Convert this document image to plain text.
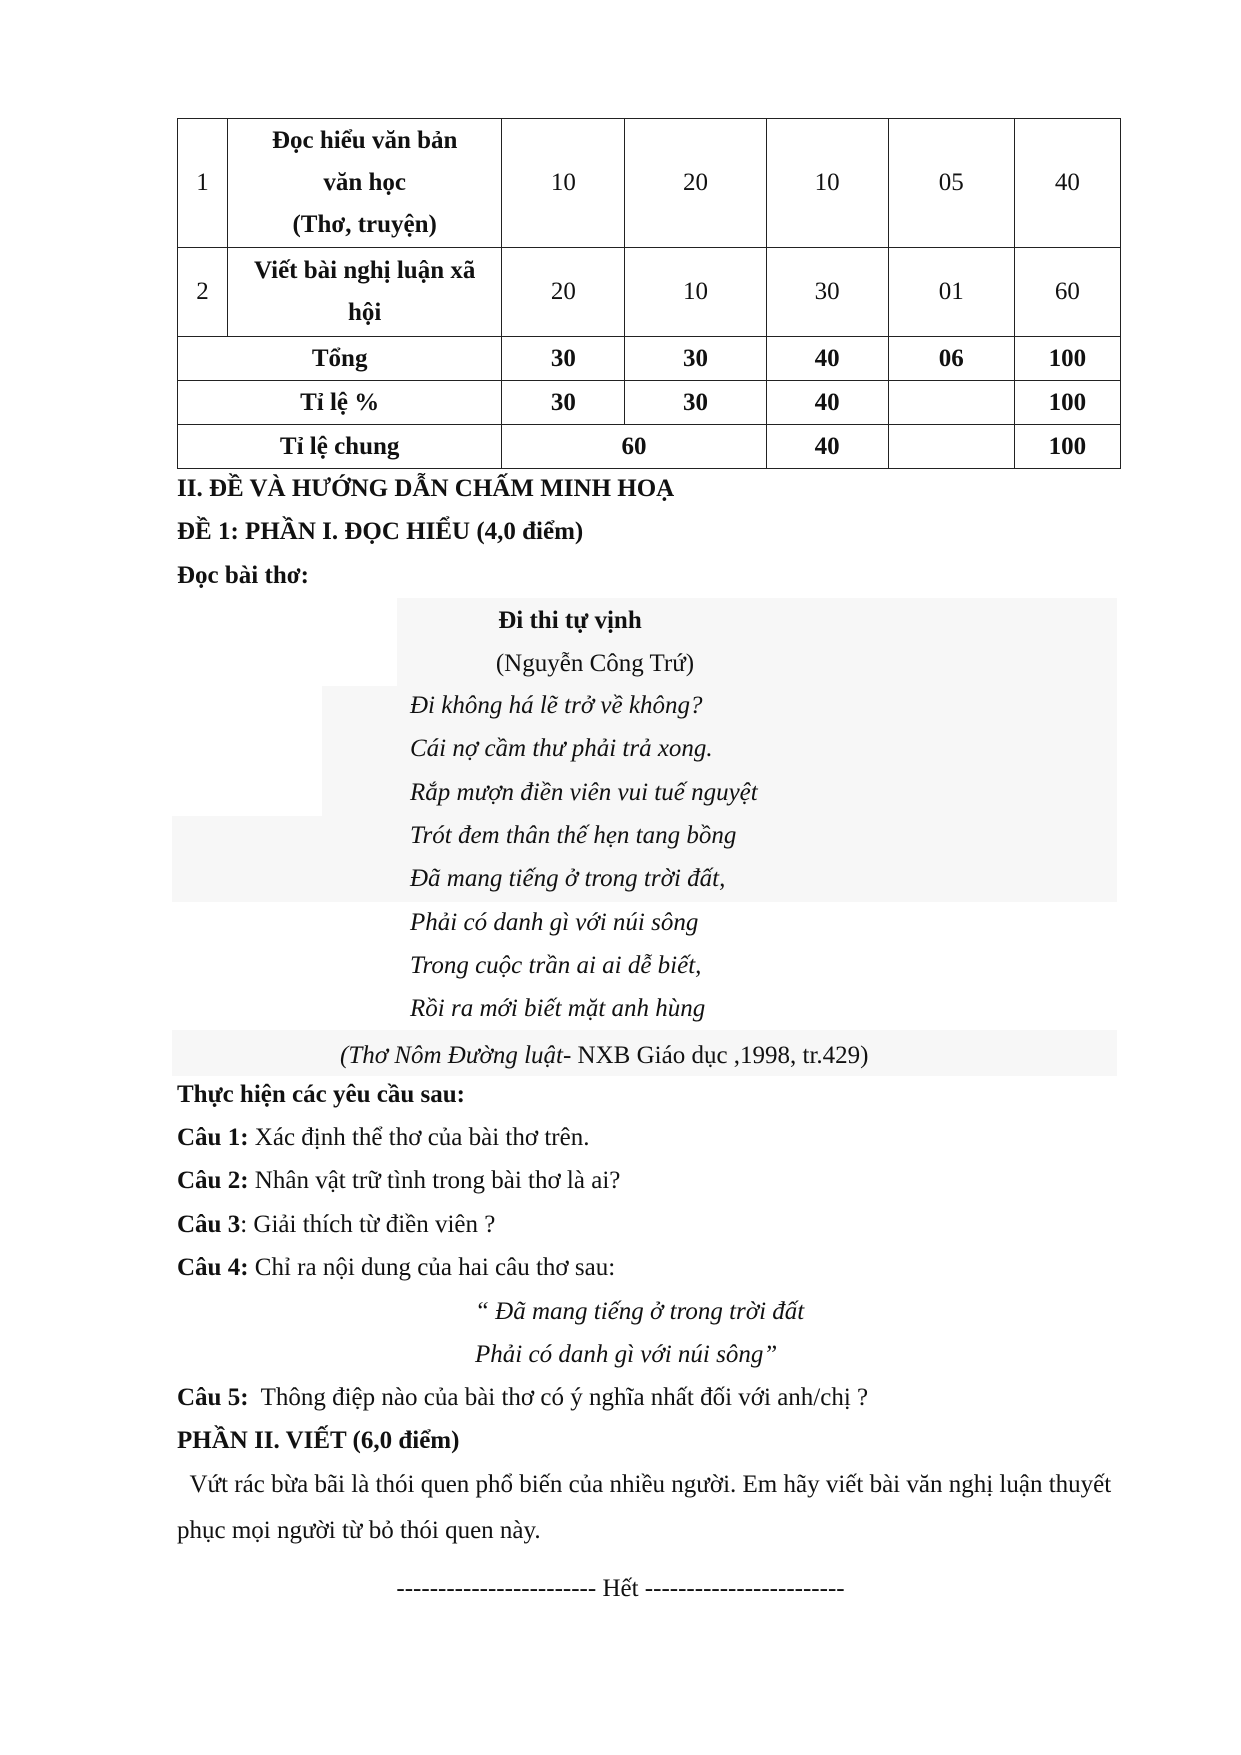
1	Đọc hiểu văn bản
văn học
(Thơ, truyện)	10	20	10	05	40
2	Viết bài nghị luận xã
hội	20	10	30	01	60
Tổng		30	30	40	06	100
Tỉ lệ %		30	30	40		100
Tỉ lệ chung		60		40		100
II. ĐỀ VÀ HƯỚNG DẪN CHẤM MINH HOẠ
ĐỀ 1: PHẦN I. ĐỌC HIỂU (4,0 điểm)
Đọc bài thơ:
Đi thi tự vịnh
(Nguyễn Công Trứ)
Đi không há lẽ trở về không?
Cái nợ cầm thư phải trả xong.
Rắp mượn điền viên vui tuế nguyệt
Trót đem thân thế hẹn tang bồng
Đã mang tiếng ở trong trời đất,
Phải có danh gì với núi sông
Trong cuộc trần ai ai dễ biết,
Rồi ra mới biết mặt anh hùng
(Thơ Nôm Đường luật- NXB Giáo dục ,1998, tr.429)
Thực hiện các yêu cầu sau:
Câu 1: Xác định thể thơ của bài thơ trên.
Câu 2: Nhân vật trữ tình trong bài thơ là ai?
Câu 3: Giải thích từ điền viên ?
Câu 4: Chỉ ra nội dung của hai câu thơ sau:
“ Đã mang tiếng ở trong trời đất
Phải có danh gì với núi sông”
Câu 5:  Thông điệp nào của bài thơ có ý nghĩa nhất đối với anh/chị ?
PHẦN II. VIẾT (6,0 điểm)
Vứt rác bừa bãi là thói quen phổ biến của nhiều người. Em hãy viết bài văn nghị luận thuyết phục mọi người từ bỏ thói quen này.
------------------------ Hết ------------------------
